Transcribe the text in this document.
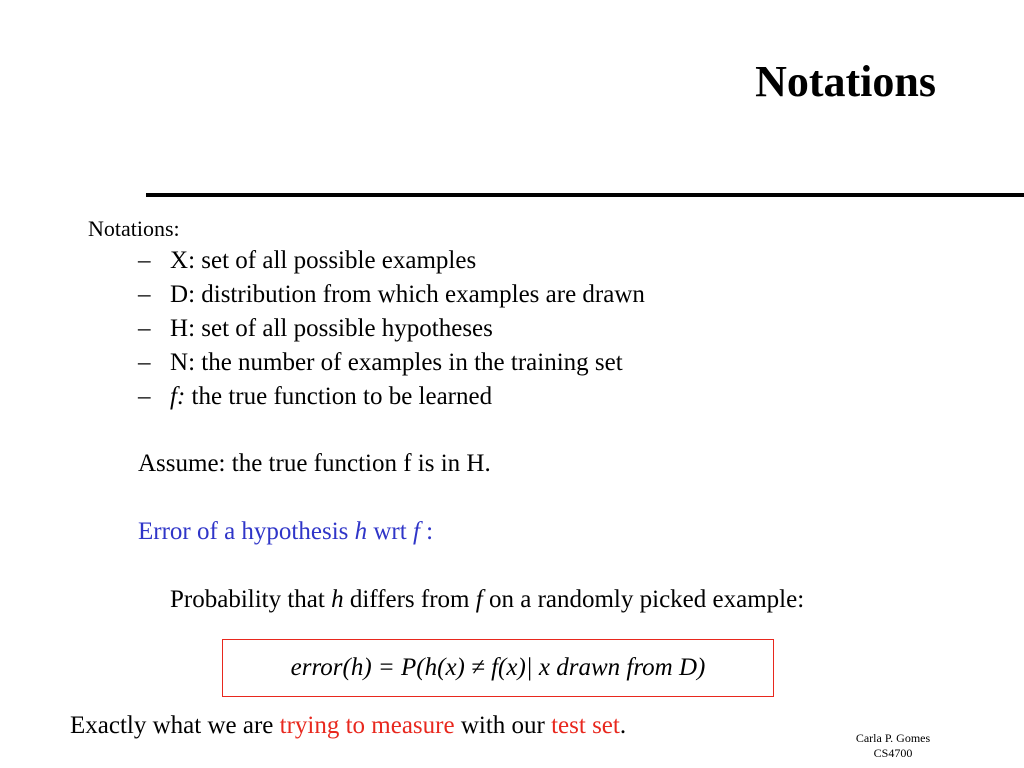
Notations
Notations:
– X: set of all possible examples
– D: distribution from which examples are drawn
– H: set of all possible hypotheses
– N: the number of examples in the training set
– f: the true function to be learned
Assume: the true function f is in H.
Error of a hypothesis h wrt f :
Probability that h differs from f on a randomly picked example:
error(h) = P(h(x) ≠ f(x)| x drawn from D)
Exactly what we are trying to measure with our test set.	Carla P. Gomes
CS4700
